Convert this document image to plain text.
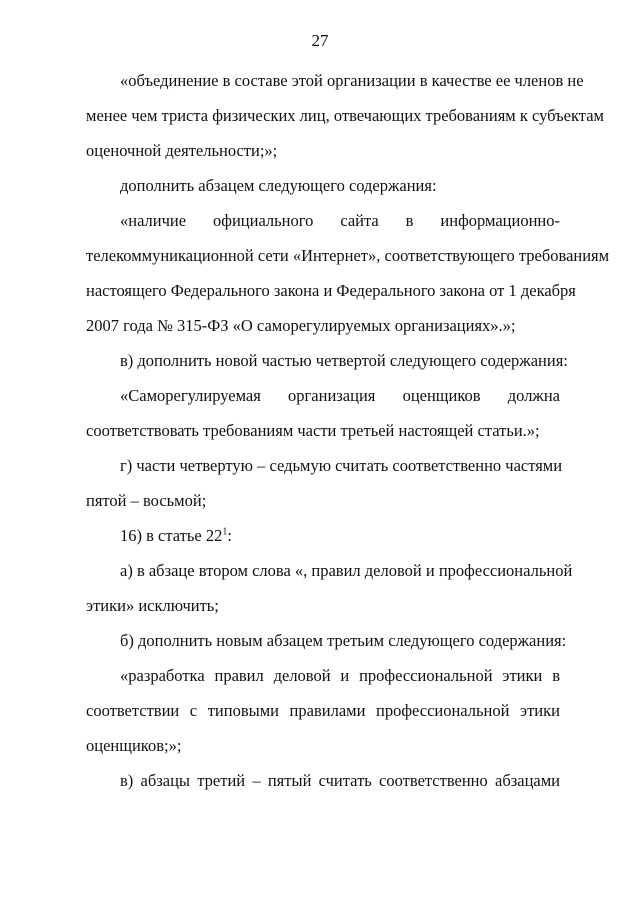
27
«объединение в составе этой организации в качестве ее членов не
менее чем триста физических лиц, отвечающих требованиям к субъектам
оценочной деятельности;»;
дополнить абзацем следующего содержания:
«наличие официального сайта в информационно-
телекоммуникационной сети «Интернет», соответствующего требованиям
настоящего Федерального закона и Федерального закона от 1 декабря
2007 года № 315-ФЗ «О саморегулируемых организациях».»;
в) дополнить новой частью четвертой следующего содержания:
«Саморегулируемая организация оценщиков должна
соответствовать требованиям части третьей настоящей статьи.»;
г) части четвертую – седьмую считать соответственно частями
пятой – восьмой;
16) в статье $22^1$:
а) в абзаце втором слова «, правил деловой и профессиональной
этики» исключить;
б) дополнить новым абзацем третьим следующего содержания:
«разработка правил деловой и профессиональной этики в
соответствии с типовыми правилами профессиональной этики
оценщиков;»;
в) абзацы третий – пятый считать соответственно абзацами
